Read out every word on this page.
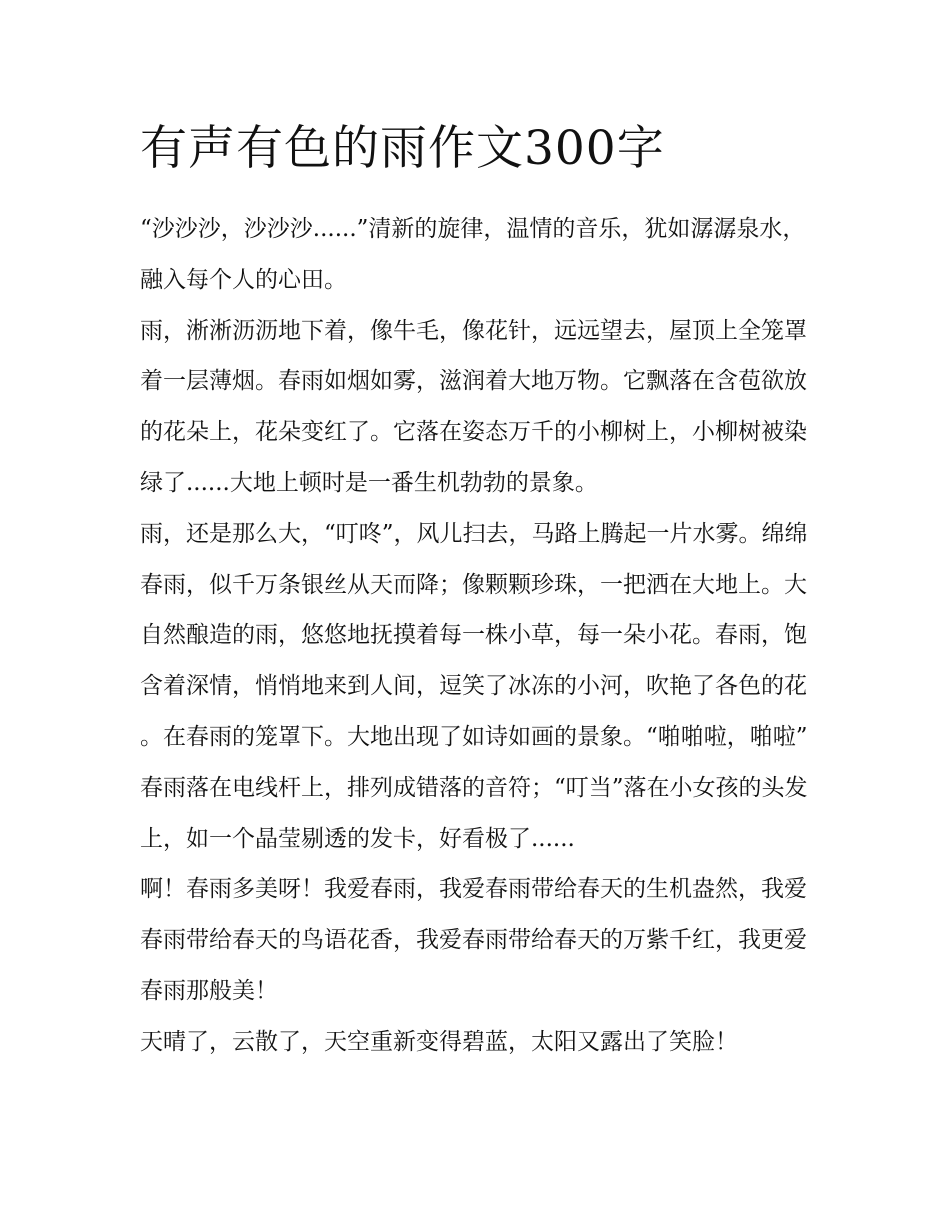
有声有色的雨作文300字

“沙沙沙，沙沙沙......”清新的旋律，温情的音乐，犹如潺潺泉水，融入每个人的心田。

雨，淅淅沥沥地下着，像牛毛，像花针，远远望去，屋顶上全笼罩着一层薄烟。春雨如烟如雾，滋润着大地万物。它飘落在含苞欲放的花朵上，花朵变红了。它落在姿态万千的小柳树上，小柳树被染绿了......大地上顿时是一番生机勃勃的景象。

雨，还是那么大，“叮咚”，风儿扫去，马路上腾起一片水雾。绵绵春雨，似千万条银丝从天而降；像颗颗珍珠，一把洒在大地上。大自然酿造的雨，悠悠地抚摸着每一株小草，每一朵小花。春雨，饱含着深情，悄悄地来到人间，逗笑了冰冻的小河，吹艳了各色的花。在春雨的笼罩下。大地出现了如诗如画的景象。“啪啪啦，啪啦”春雨落在电线杆上，排列成错落的音符；“叮当”落在小女孩的头发上，如一个晶莹剔透的发卡，好看极了......

啊！春雨多美呀！我爱春雨，我爱春雨带给春天的生机盎然，我爱春雨带给春天的鸟语花香，我爱春雨带给春天的万紫千红，我更爱春雨那般美！

天晴了，云散了，天空重新变得碧蓝，太阳又露出了笑脸！
